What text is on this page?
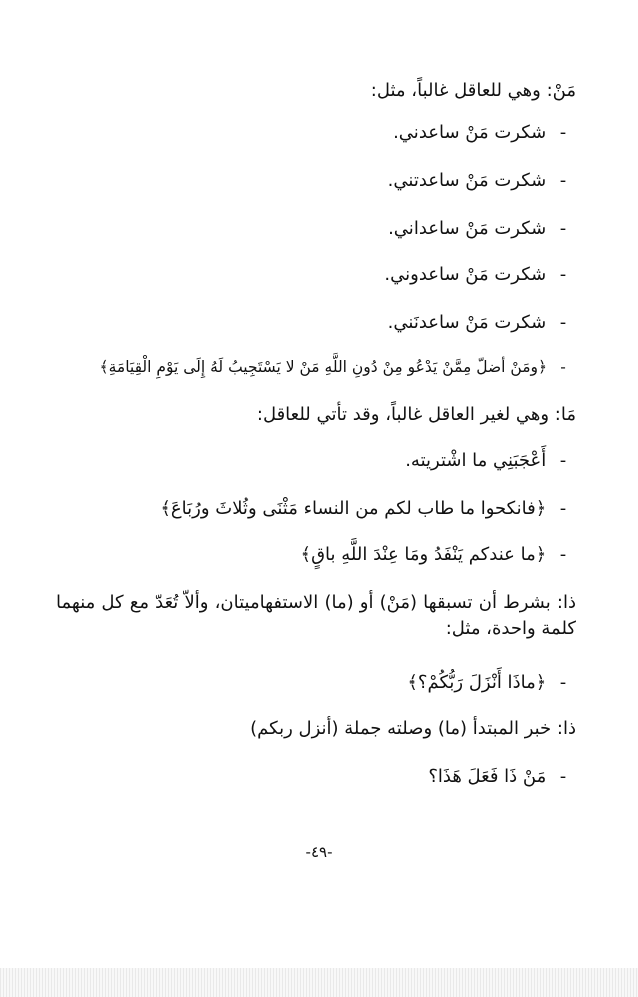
مَنْ: وهي للعاقل غالباً، مثل:
- شكرت مَنْ ساعدني.
- شكرت مَنْ ساعدتني.
- شكرت مَنْ ساعداني.
- شكرت مَنْ ساعدوني.
- شكرت مَنْ ساعدنَني.
- ﴿ومَنْ أضلّ مِمَّنْ يَدْعُو مِنْ دُونِ اللَّهِ مَنْ لا يَسْتَجِيبُ لَهُ إِلَى يَوْمِ الْقِيَامَةِ﴾
مَا: وهي لغير العاقل غالباً، وقد تأتي للعاقل:
- أَعْجَبَنِي ما اشْتريته.
- ﴿فانكحوا ما طاب لكم من النساء مَثْنَى وثُلاثَ ورُبَاعَ﴾
- ﴿ما عندكم يَنْفَدُ ومَا عِنْدَ اللَّهِ باقٍ﴾
ذا: بشرط أن تسبقها (مَنْ) أو (ما) الاستفهاميتان، وألاّ تُعَدّ مع كل منهما كلمة واحدة، مثل:
- ﴿ماذَا أَنْزَلَ رَبُّكُمْ؟﴾
ذا: خبر المبتدأ (ما) وصلته جملة (أنزل ربكم)
- مَنْ ذَا فَعَلَ هَذَا؟
-٤٩-
